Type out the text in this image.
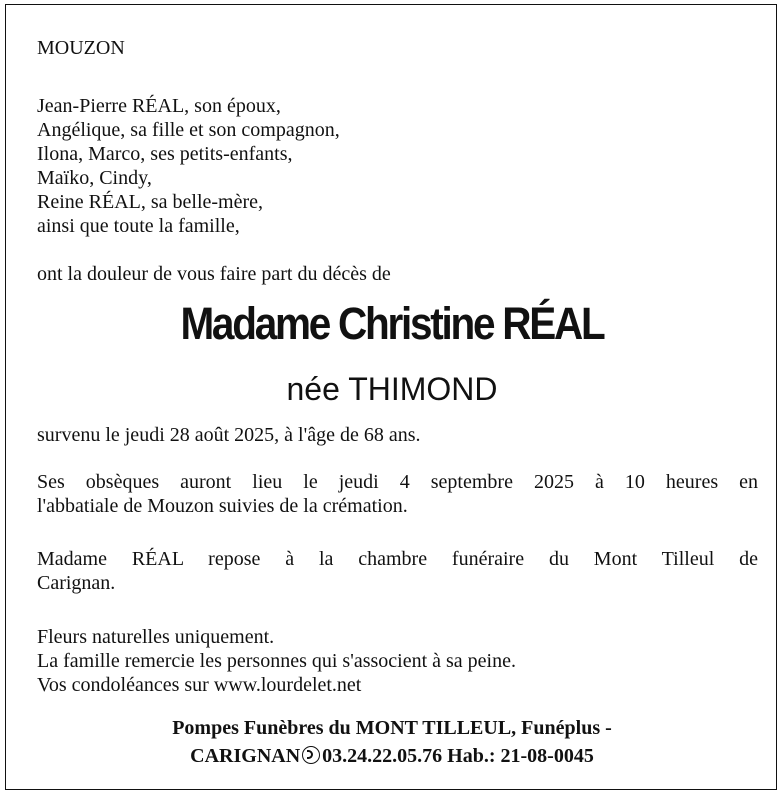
MOUZON
Jean-Pierre RÉAL, son époux,
Angélique, sa fille et son compagnon,
Ilona, Marco, ses petits-enfants,
Maïko, Cindy,
Reine RÉAL, sa belle-mère,
ainsi que toute la famille,
ont la douleur de vous faire part du décès de
Madame Christine RÉAL
née THIMOND
survenu le jeudi 28 août 2025, à l'âge de 68 ans.
Ses obsèques auront lieu le jeudi 4 septembre 2025 à 10 heures en
l'abbatiale de Mouzon suivies de la crémation.
Madame RÉAL repose à la chambre funéraire du Mont Tilleul de
Carignan.
Fleurs naturelles uniquement.
La famille remercie les personnes qui s'associent à sa peine.
Vos condoléances sur www.lourdelet.net
Pompes Funèbres du MONT TILLEUL, Funéplus -
CARIGNAN 03.24.22.05.76 Hab.: 21-08-0045
